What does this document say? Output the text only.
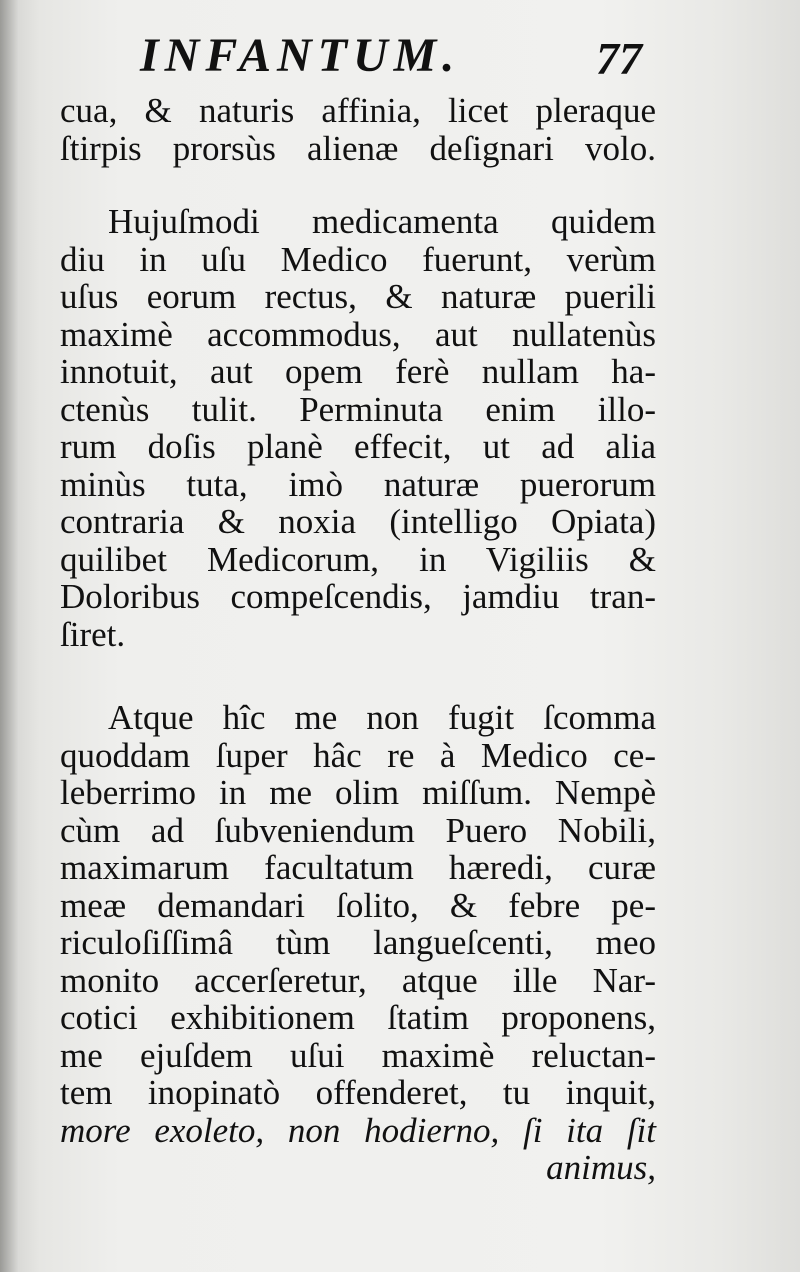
INFANTUM.	77
cua, & naturis affinia, licet pleraque
ſtirpis prorsùs alienæ deſignari volo.
Hujuſmodi medicamenta quidem
diu in uſu Medico fuerunt, verùm
uſus eorum rectus, & naturæ puerili
maximè accommodus, aut nullatenùs
innotuit, aut opem ferè nullam ha-
ctenùs tulit. Perminuta enim illo-
rum doſis planè effecit, ut ad alia
minùs tuta, imò naturæ puerorum
contraria & noxia (intelligo Opiata)
quilibet Medicorum, in Vigiliis &
Doloribus compeſcendis, jamdiu tran-
ſiret.
Atque hîc me non fugit ſcomma
quoddam ſuper hâc re à Medico ce-
leberrimo in me olim miſſum. Nempè
cùm ad ſubveniendum Puero Nobili,
maximarum facultatum hæredi, curæ
meæ demandari ſolito, & febre pe-
riculoſiſſimâ tùm langueſcenti, meo
monito accerſeretur, atque ille Nar-
cotici exhibitionem ſtatim proponens,
me ejuſdem uſui maximè reluctan-
tem inopinatò offenderet, tu inquit,
more exoleto, non hodierno, ſi ita ſit
animus,
